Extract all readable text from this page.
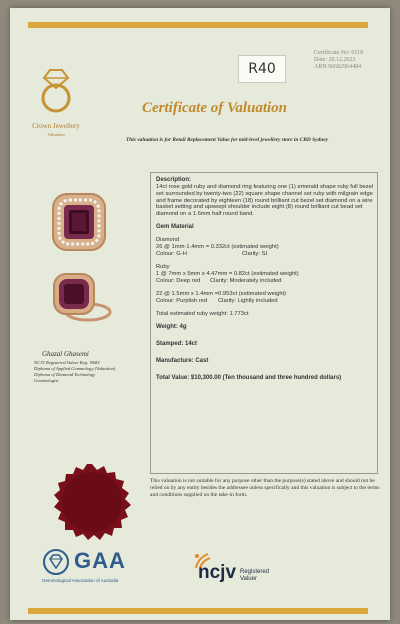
R40
Certificate No: 0118
Date: 20.12.2023
ABN 96682964484
Crown Jewellery
Valuation
Certificate of Valuation
This valuation is for Retail Replacement Value for mid-level jewellery store in CBD Sydney
Ghazal Ghasemi
NCJV Registered Valuer Reg: N683
Diploma of Applied Gemmology (Valuation)
Diploma of Diamond Technology
Gemmologist
Description:
14ct rose gold ruby and diamond ring featuring one (1) emerald shape ruby full bezel set surrounded by twenty-two (22) square shape channel set ruby with milgrain edge and frame decorated by eighteen (18) round brilliant cut bezel set diamond on a wire basket setting and upswept shoulder include eight (8) round brilliant cut bead set diamond on a 1.6mm half round band.
Gem Material
Diamond
26 @ 1mm-1.4mm = 0.332ct (estimated weight)
Colour: G-H	Clarity: SI
Ruby
1 @ 7mm x 5mm x 4.47mm = 0.82ct (estimated weight)
Colour: Deep red Clarity: Moderately included
22 @ 1.5mm x 1.4mm =0.953ct (estimated weight)
Colour: Purplish red Clarity: Lightly included
Total estimated ruby weight: 1.773ct
Weight: 4g
Stamped: 14ct
Manufacture: Cast
Total Value: $10,300.00 (Ten thousand and three hundred dollars)
This valuation is not suitable for any purpose other than the purpose(s) stated above and should not be relied on by any entity besides the addressee unless specifically and this valuation is subject to the terms and conditions supplied on the take-in form.
GAA
Gemmological Association of Australia	ncjv Registered
Valuer
